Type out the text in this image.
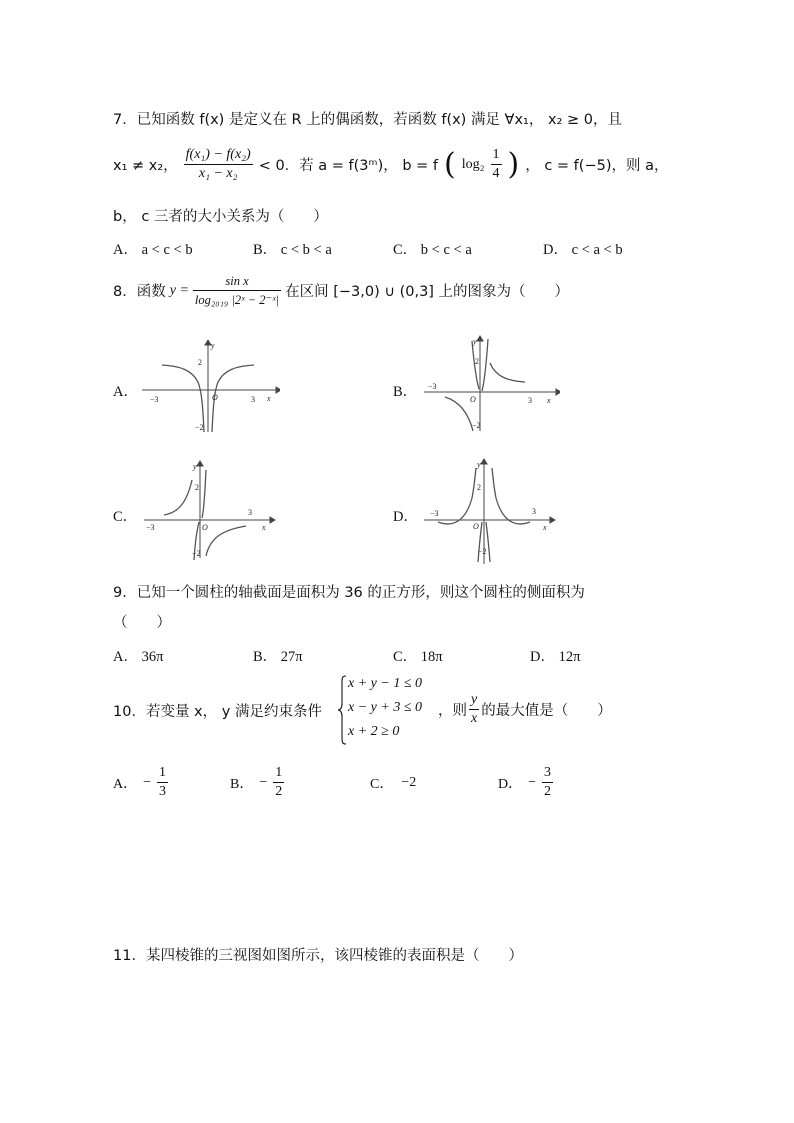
7．已知函数 f(x) 是定义在 R 上的偶函数，若函数 f(x) 满足 ∀x₁， x₂ ≥ 0，且
x₁ ≠ x₂， $\frac{\text{f(x₁) − f(x₂)}}{\text{x₁ − x₂}} < 0$．若 a = f(3ᵐ)， b = f ( $\log_2 \frac{1}{4}$ ) ， c = f(−5)，则 a，
b， c 三者的大小关系为（　　）
A． a < c < b	B． c < b < a	C． b < c < a	D． c < a < b
8．函数 $y = \frac{\text{sin x}}{\text{log₂₀₁₉ |2ˣ − 2⁻ˣ|}}$ 在区间 [−3,0) ∪ (0,3] 上的图象为（　　）
A．	B．
C．	D．
−3	3
2
−2
O	x
y
−3
3
2
−2
O	x
y
−3
3
2
−2
O	x
y
−3	3
2
−2
O	x
y
9．已知一个圆柱的轴截面是面积为 36 的正方形，则这个圆柱的侧面积为
（　　）
A． 36π	B． 27π	C． 18π	D． 12π
10．若变量 x， y 满足约束条件
x + y − 1 ≤ 0
x − y + 3 ≤ 0
x + 2 ≥ 0
，则 $\frac{y}{x}$ 的最大值是（　　）
A． − $\frac{1}{3}$	B． − $\frac{1}{2}$	C． −2	D． − $\frac{3}{2}$
11．某四棱锥的三视图如图所示，该四棱锥的表面积是（　　）
